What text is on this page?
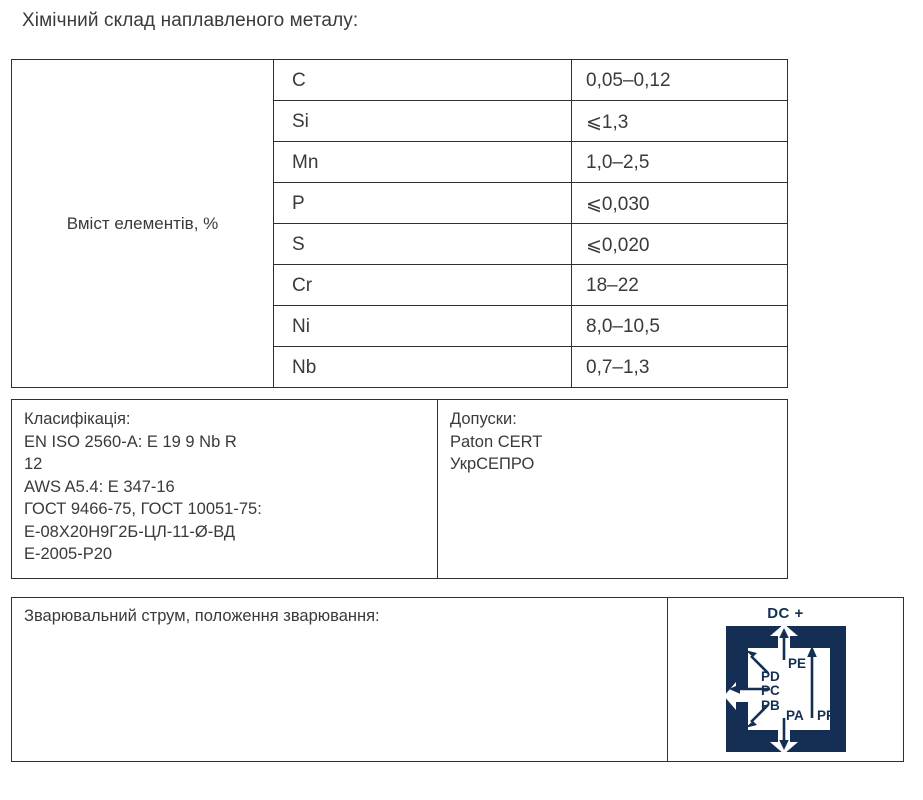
Хімічний склад наплавленого металу:
Вміст елементів, %	C	0,05–0,12
	Si	⩽1,3
	Mn	1,0–2,5
	P	⩽0,030
	S	⩽0,020
	Cr	18–22
	Ni	8,0–10,5
	Nb	0,7–1,3
Класифікація:
EN ISO 2560-A: E 19 9 Nb R
12
AWS A5.4: E 347-16
ГОСТ 9466-75, ГОСТ 10051-75:
Е-08Х20Н9Г2Б-ЦЛ-11-Ø-ВД
Е-2005-Р20

Допуски:
Paton CERT
УкрСЕПРО
Зварювальний струм, положення зварювання:	DC +
PE
PD
PC
PB
PA PF
